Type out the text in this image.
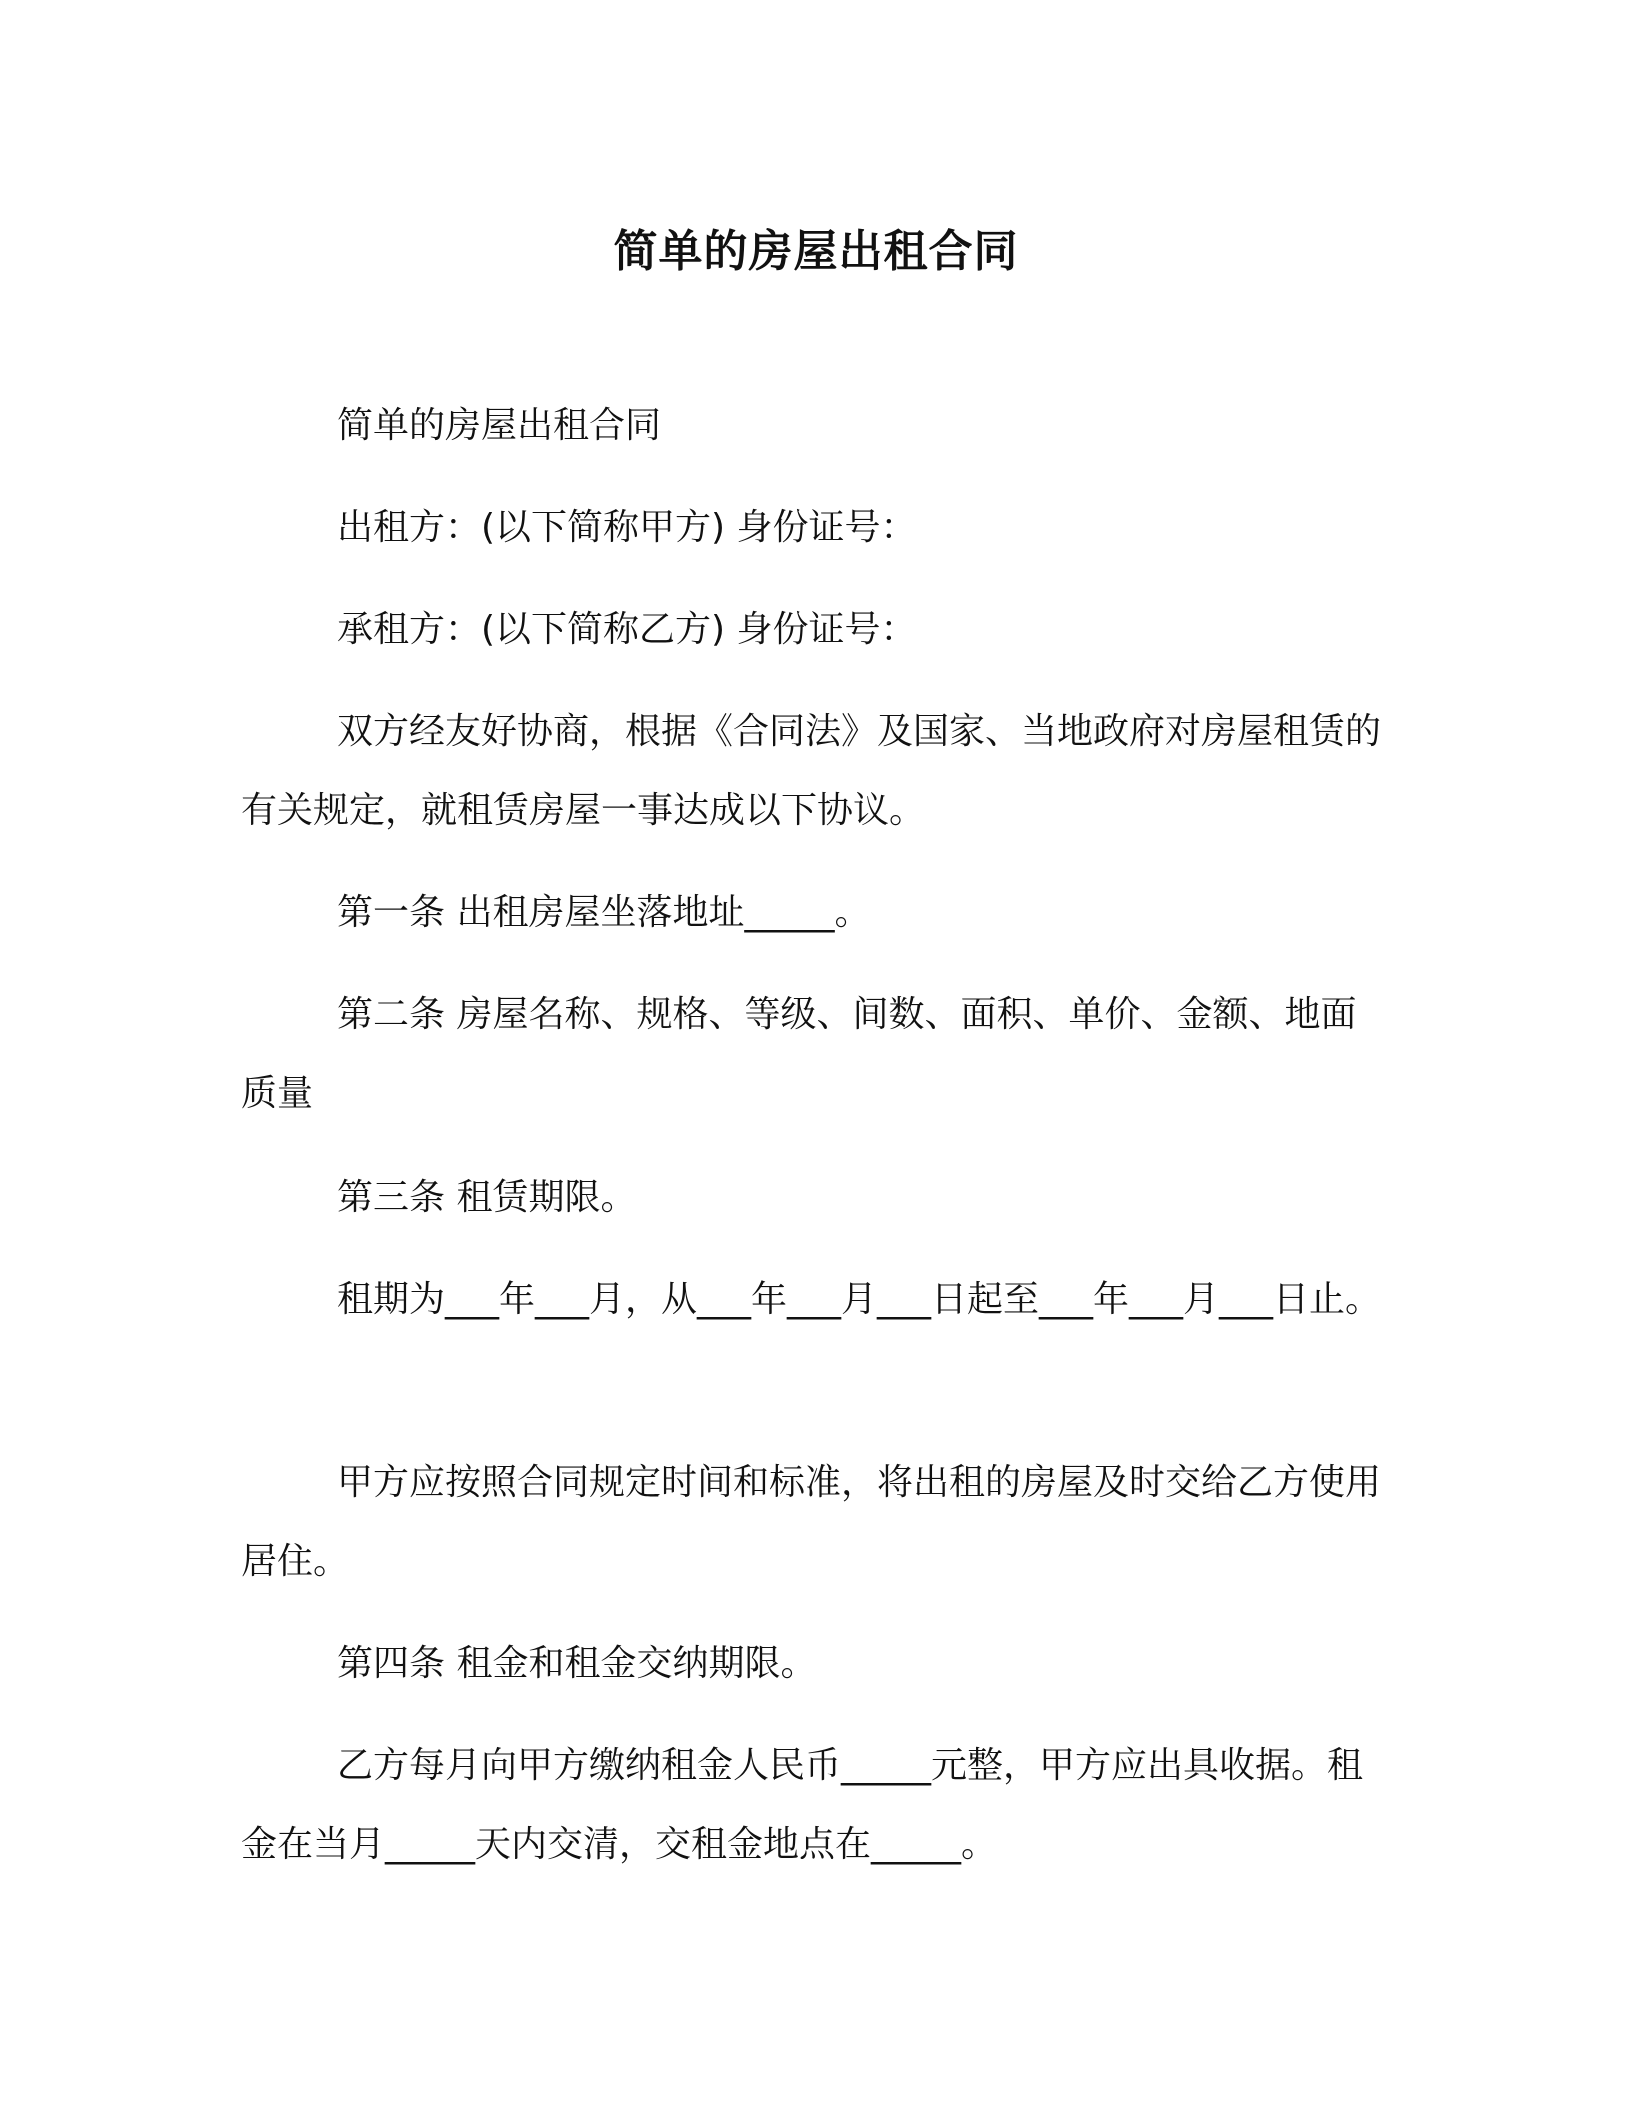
简单的房屋出租合同

简单的房屋出租合同

出租方：(以下简称甲方) 身份证号：

承租方：(以下简称乙方) 身份证号：

双方经友好协商，根据《合同法》及国家、当地政府对房屋租赁的有关规定，就租赁房屋一事达成以下协议。

第一条 出租房屋坐落地址_____。

第二条 房屋名称、规格、等级、间数、面积、单价、金额、地面质量

第三条 租赁期限。

租期为___年___月，从___年___月___日起至___年___月___日止。

甲方应按照合同规定时间和标准，将出租的房屋及时交给乙方使用居住。

第四条 租金和租金交纳期限。

乙方每月向甲方缴纳租金人民币_____元整，甲方应出具收据。租金在当月_____天内交清，交租金地点在_____。
